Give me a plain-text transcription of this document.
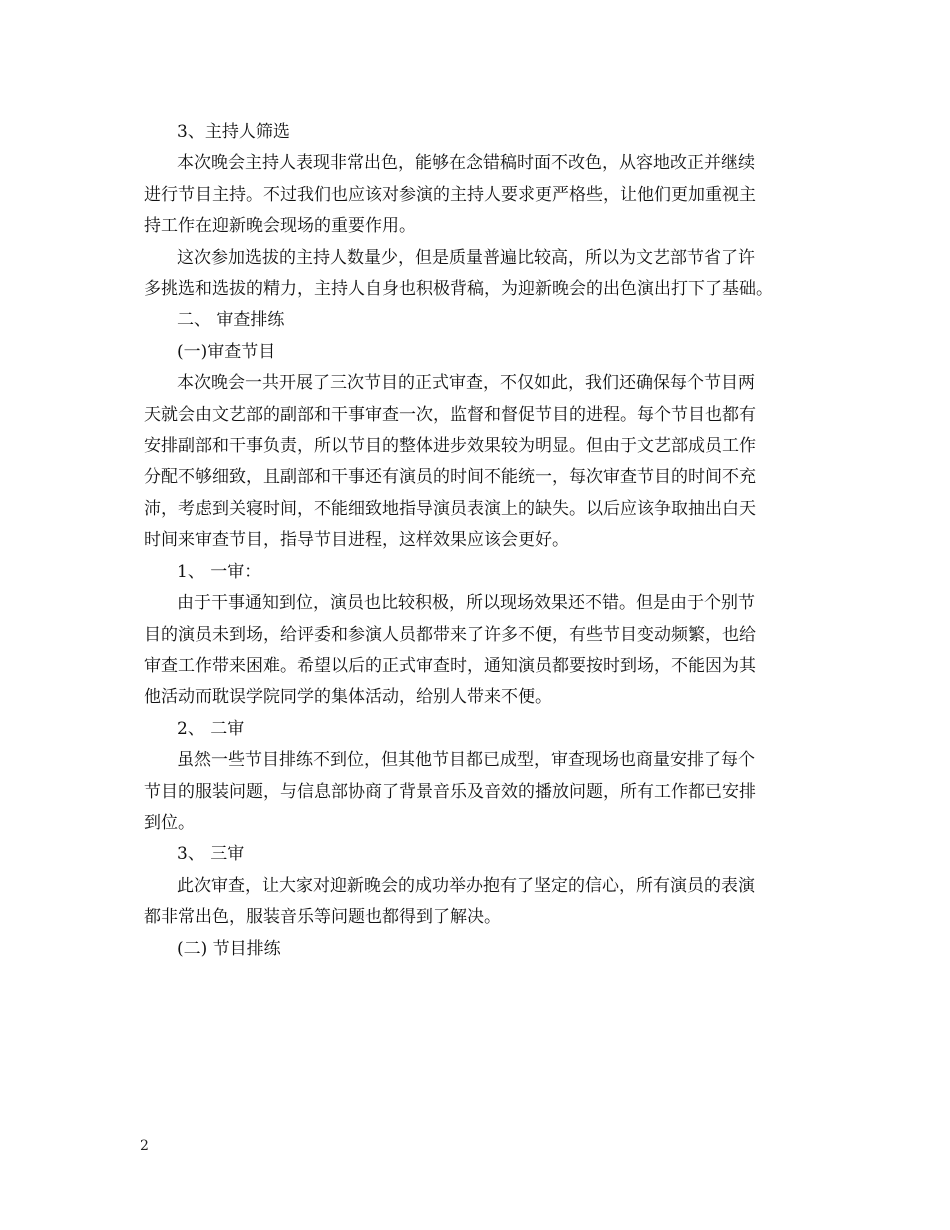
3、主持人筛选
本次晚会主持人表现非常出色，能够在念错稿时面不改色，从容地改正并继续
进行节目主持。不过我们也应该对参演的主持人要求更严格些，让他们更加重视主
持工作在迎新晚会现场的重要作用。
这次参加选拔的主持人数量少，但是质量普遍比较高，所以为文艺部节省了许
多挑选和选拔的精力，主持人自身也积极背稿，为迎新晚会的出色演出打下了基础。
二、 审查排练
(一)审查节目
本次晚会一共开展了三次节目的正式审查，不仅如此，我们还确保每个节目两
天就会由文艺部的副部和干事审查一次，监督和督促节目的进程。每个节目也都有
安排副部和干事负责，所以节目的整体进步效果较为明显。但由于文艺部成员工作
分配不够细致，且副部和干事还有演员的时间不能统一，每次审查节目的时间不充
沛，考虑到关寝时间，不能细致地指导演员表演上的缺失。以后应该争取抽出白天
时间来审查节目，指导节目进程，这样效果应该会更好。
1、 一审：
由于干事通知到位，演员也比较积极，所以现场效果还不错。但是由于个别节
目的演员未到场，给评委和参演人员都带来了许多不便，有些节目变动频繁，也给
审查工作带来困难。希望以后的正式审查时，通知演员都要按时到场，不能因为其
他活动而耽误学院同学的集体活动，给别人带来不便。
2、 二审
虽然一些节目排练不到位，但其他节目都已成型，审查现场也商量安排了每个
节目的服装问题，与信息部协商了背景音乐及音效的播放问题，所有工作都已安排
到位。
3、 三审
此次审查，让大家对迎新晚会的成功举办抱有了坚定的信心，所有演员的表演
都非常出色，服装音乐等问题也都得到了解决。
(二) 节目排练
2
